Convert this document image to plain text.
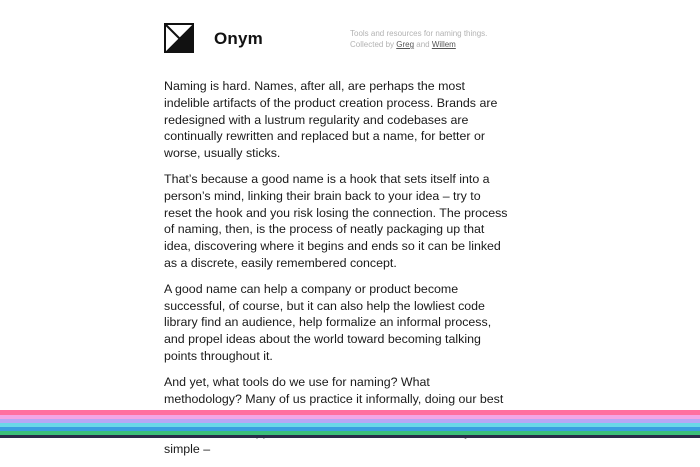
Onym	Tools and resources for naming things.
Collected by Greg and Willem

Naming is hard. Names, after all, are perhaps the most indelible artifacts of the product creation process. Brands are redesigned with a lustrum regularity and codebases are continually rewritten and replaced but a name, for better or worse, usually sticks.

That’s because a good name is a hook that sets itself into a person’s mind, linking their brain back to your idea – try to reset the hook and you risk losing the connection. The process of naming, then, is the process of neatly packaging up that idea, discovering where it begins and ends so it can be linked as a discrete, easily remembered concept.

A good name can help a company or product become successful, of course, but it can also help the lowliest code library find an audience, help formalize an informal process, and propel ideas about the world toward becoming talking points throughout it.

And yet, what tools do we use for naming? What methodology? Many of us practice it informally, doing our best simple –
